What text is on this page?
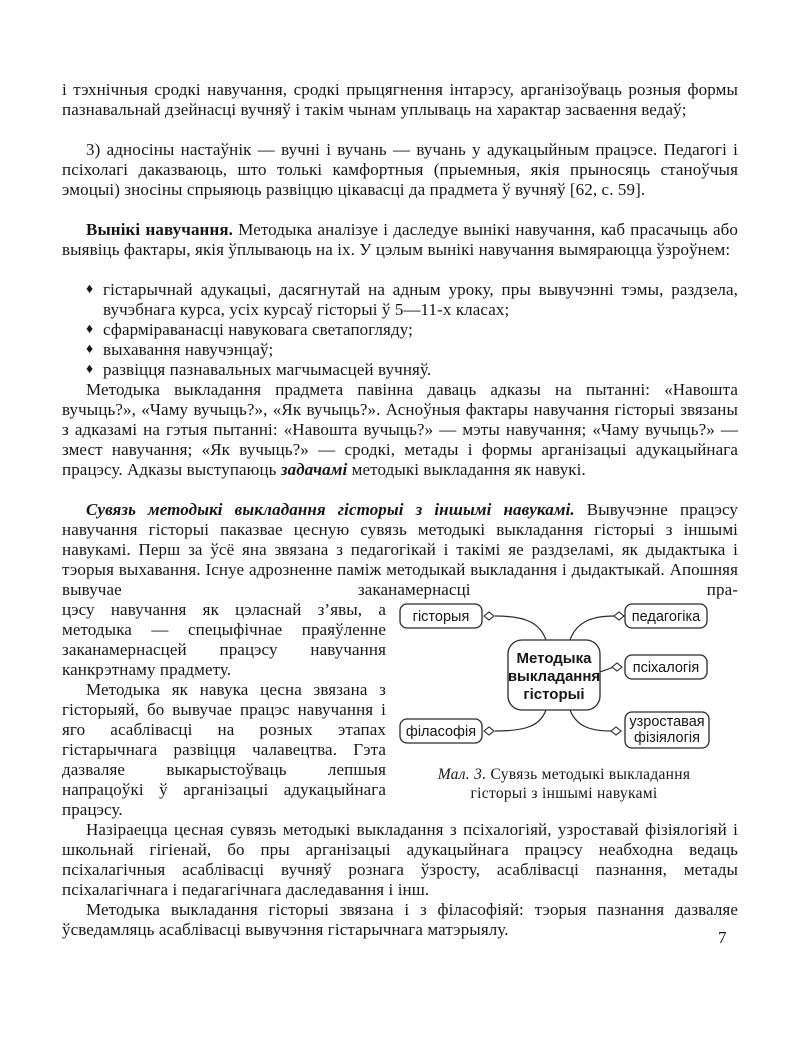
і тэхнічныя сродкі навучання, сродкі прыцягнення інтарэсу, арганізоўваць розныя формы пазнавальнай дзейнасці вучняў і такім чынам уплываць на характар засваення ведаў;

3) адносіны настаўнік — вучні і вучань — вучань у адукацыйным працэсе. Педагогі і псіхолагі даказваюць, што толькі камфортныя (прыемныя, якія прыносяць станоўчыя эмоцыі) зносіны спрыяюць развіццю цікавасці да прадмета ў вучняў [62, с. 59].

Вынікі навучання. Методыка аналізуе і даследуе вынікі навучання, каб прасачыць або выявіць фактары, якія ўплываюць на іх. У цэлым вынікі навучання вымяраюцца ўзроўнем:

♦ гістарычнай адукацыі, дасягнутай на адным уроку, пры вывучэнні тэмы, раздзела, вучэбнага курса, усіх курсаў гісторыі ў 5—11-х класах;
♦ сфарміраванасці навуковага светапогляду;
♦ выхавання навучэнцаў;
♦ развіцця пазнавальных магчымасцей вучняў.

Методыка выкладання прадмета павінна даваць адказы на пытанні: «Навошта вучыць?», «Чаму вучыць?», «Як вучыць?». Асноўныя фактары навучання гісторыі звязаны з адказамі на гэтыя пытанні: «Навошта вучыць?» — мэты навучання; «Чаму вучыць?» — змест навучання; «Як вучыць?» — сродкі, метады і формы арганізацыі адукацыйнага працэсу. Адказы выступаюць задачамі методыкі выкладання як навукі.

Сувязь методыкі выкладання гісторыі з іншымі навукамі. Вывучэнне працэсу навучання гісторыі паказвае цесную сувязь методыкі выкладання гісторыі з іншымі навукамі. Перш за ўсё яна звязана з педагогікай і такімі яе раздзеламі, як дыдактыка і тэорыя выхавання. Існуе адрозненне паміж методыкай выкладання і дыдактыкай. Апошняя вывучае заканамернасці пра-

цэсу навучання як цэласнай з’явы, а методыка — спецыфічнае праяўленне заканамернасцей працэсу навучання канкрэтнаму прадмету.

Методыка як навука цесна звязана з гісторыяй, бо вывучае працэс навучання і яго асаблівасці на розных этапах гістарычнага развіцця чалавецтва. Гэта дазваляе выкарыстоўваць лепшыя напрацоўкі ў арганізацыі адукацыйнага працэсу.

Назіраецца цесная сувязь методыкі выкладання з псіхалогіяй, узроставай фізіялогіяй і школьнай гігіенай, бо пры арганізацыі адукацыйнага працэсу неабходна ведаць псіхалагічныя асаблівасці вучняў рознага ўзросту, асаблівасці пазнання, метады псіхалагічнага і педагагічнага даследавання і інш.

Методыка выкладання гісторыі звязана і з філасофіяй: тэорыя пазнання дазваляе ўсведамляць асаблівасці вывучэння гістарычнага матэрыялу.

гісторыя	педагогіка
псіхалогія
філасофія
узроставая фізіялогія
Методыка выкладання гісторыі
Мал. 3. Сувязь методыкі выкладання гісторыі з іншымі навукамі
7
